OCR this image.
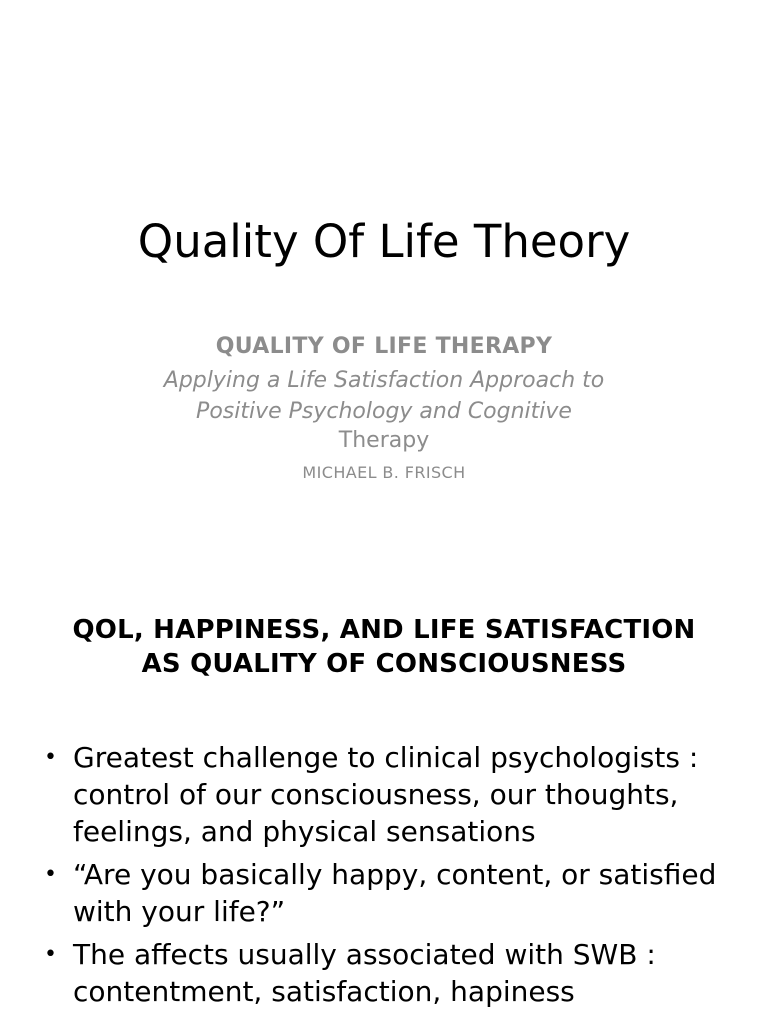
Quality Of Life Theory
QUALITY OF LIFE THERAPY
Applying a Life Satisfaction Approach to
Positive Psychology and Cognitive
Therapy
MICHAEL B. FRISCH
QOL, HAPPINESS, AND LIFE SATISFACTION
AS QUALITY OF CONSCIOUSNESS
• Greatest challenge to clinical psychologists : control of our consciousness, our thoughts, feelings, and physical sensations
• “Are you basically happy, content, or satisfied with your life?”
• The affects usually associated with SWB : contentment, satisfaction, hapiness
